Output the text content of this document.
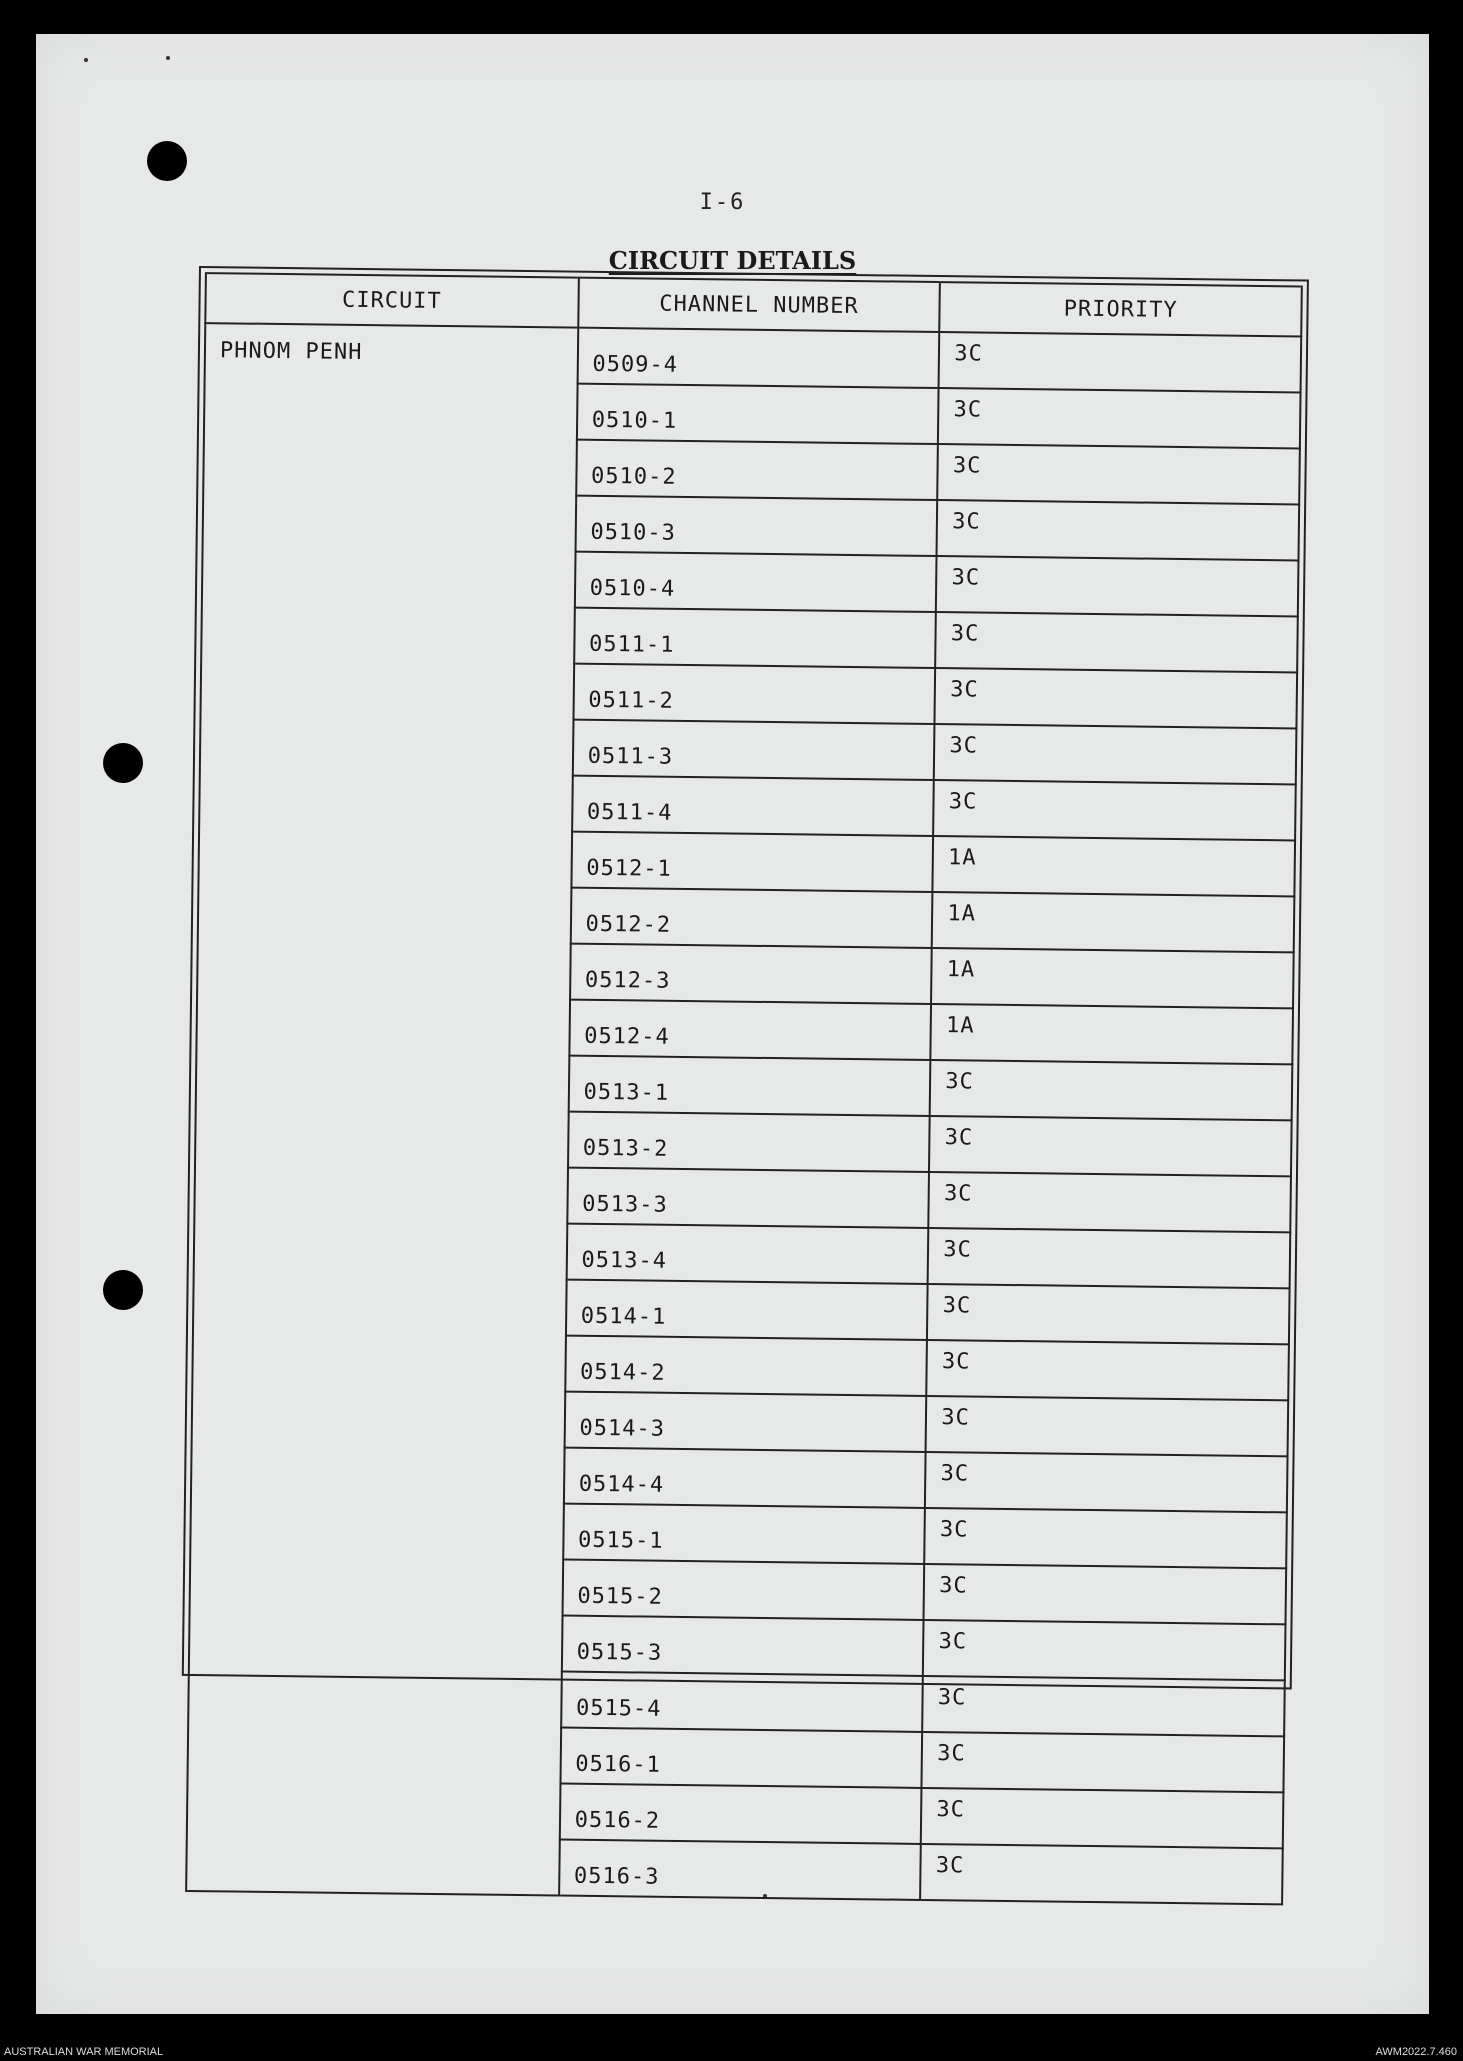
I-6
CIRCUIT DETAILS
CIRCUIT	CHANNEL NUMBER	PRIORITY
PHNOM PENH	0509-4	3C
	0510-1	3C
	0510-2	3C
	0510-3	3C
	0510-4	3C
	0511-1	3C
	0511-2	3C
	0511-3	3C
	0511-4	3C
	0512-1	1A
	0512-2	1A
	0512-3	1A
	0512-4	1A
	0513-1	3C
	0513-2	3C
	0513-3	3C
	0513-4	3C
	0514-1	3C
	0514-2	3C
	0514-3	3C
	0514-4	3C
	0515-1	3C
	0515-2	3C
	0515-3	3C
	0515-4	3C
	0516-1	3C
	0516-2	3C
	0516-3	3C
AUSTRALIAN WAR MEMORIAL	AWM2022.7.460
